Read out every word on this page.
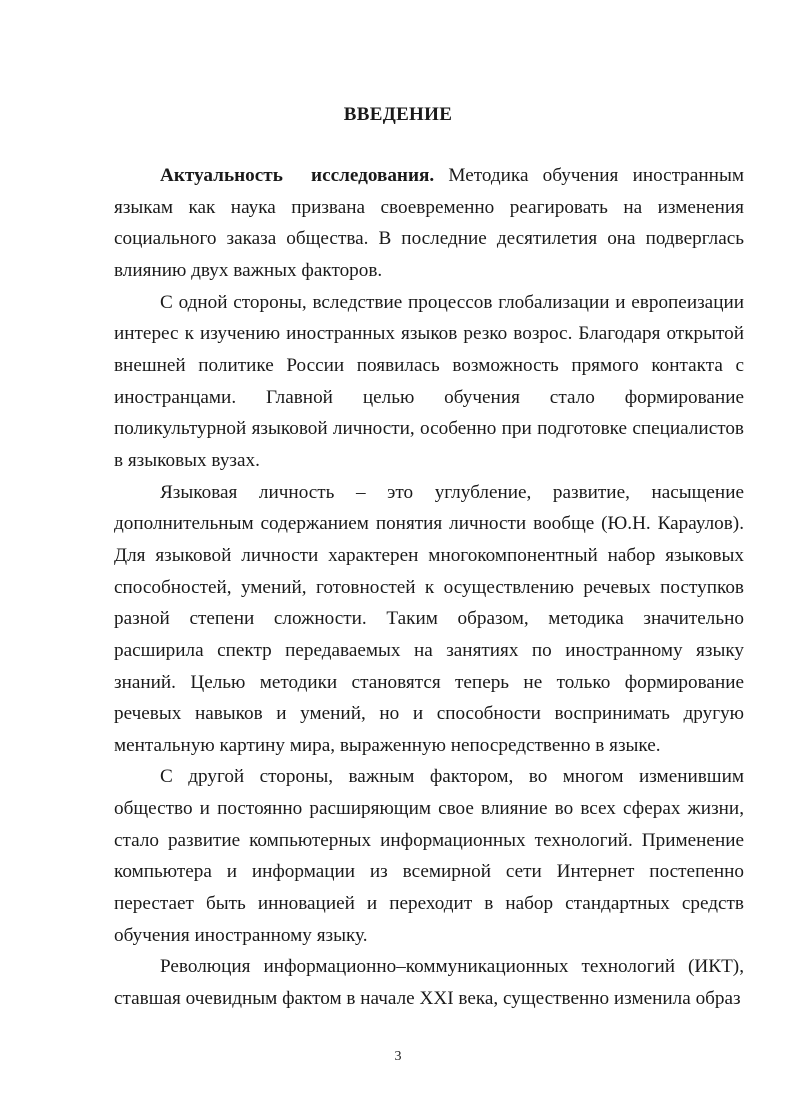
ВВЕДЕНИЕ

Актуальность исследования. Методика обучения иностранным языкам как наука призвана своевременно реагировать на изменения социального заказа общества. В последние десятилетия она подверглась влиянию двух важных факторов.

С одной стороны, вследствие процессов глобализации и европеизации интерес к изучению иностранных языков резко возрос. Благодаря открытой внешней политике России появилась возможность прямого контакта с иностранцами. Главной целью обучения стало формирование поликультурной языковой личности, особенно при подготовке специалистов в языковых вузах.

Языковая личность – это углубление, развитие, насыщение дополнительным содержанием понятия личности вообще (Ю.Н. Караулов). Для языковой личности характерен многокомпонентный набор языковых способностей, умений, готовностей к осуществлению речевых поступков разной степени сложности. Таким образом, методика значительно расширила спектр передаваемых на занятиях по иностранному языку знаний. Целью методики становятся теперь не только формирование речевых навыков и умений, но и способности воспринимать другую ментальную картину мира, выраженную непосредственно в языке.

С другой стороны, важным фактором, во многом изменившим общество и постоянно расширяющим свое влияние во всех сферах жизни, стало развитие компьютерных информационных технологий. Применение компьютера и информации из всемирной сети Интернет постепенно перестает быть инновацией и переходит в набор стандартных средств обучения иностранному языку.

Революция информационно–коммуникационных технологий (ИКТ), ставшая очевидным фактом в начале XXI века, существенно изменила образ

3
